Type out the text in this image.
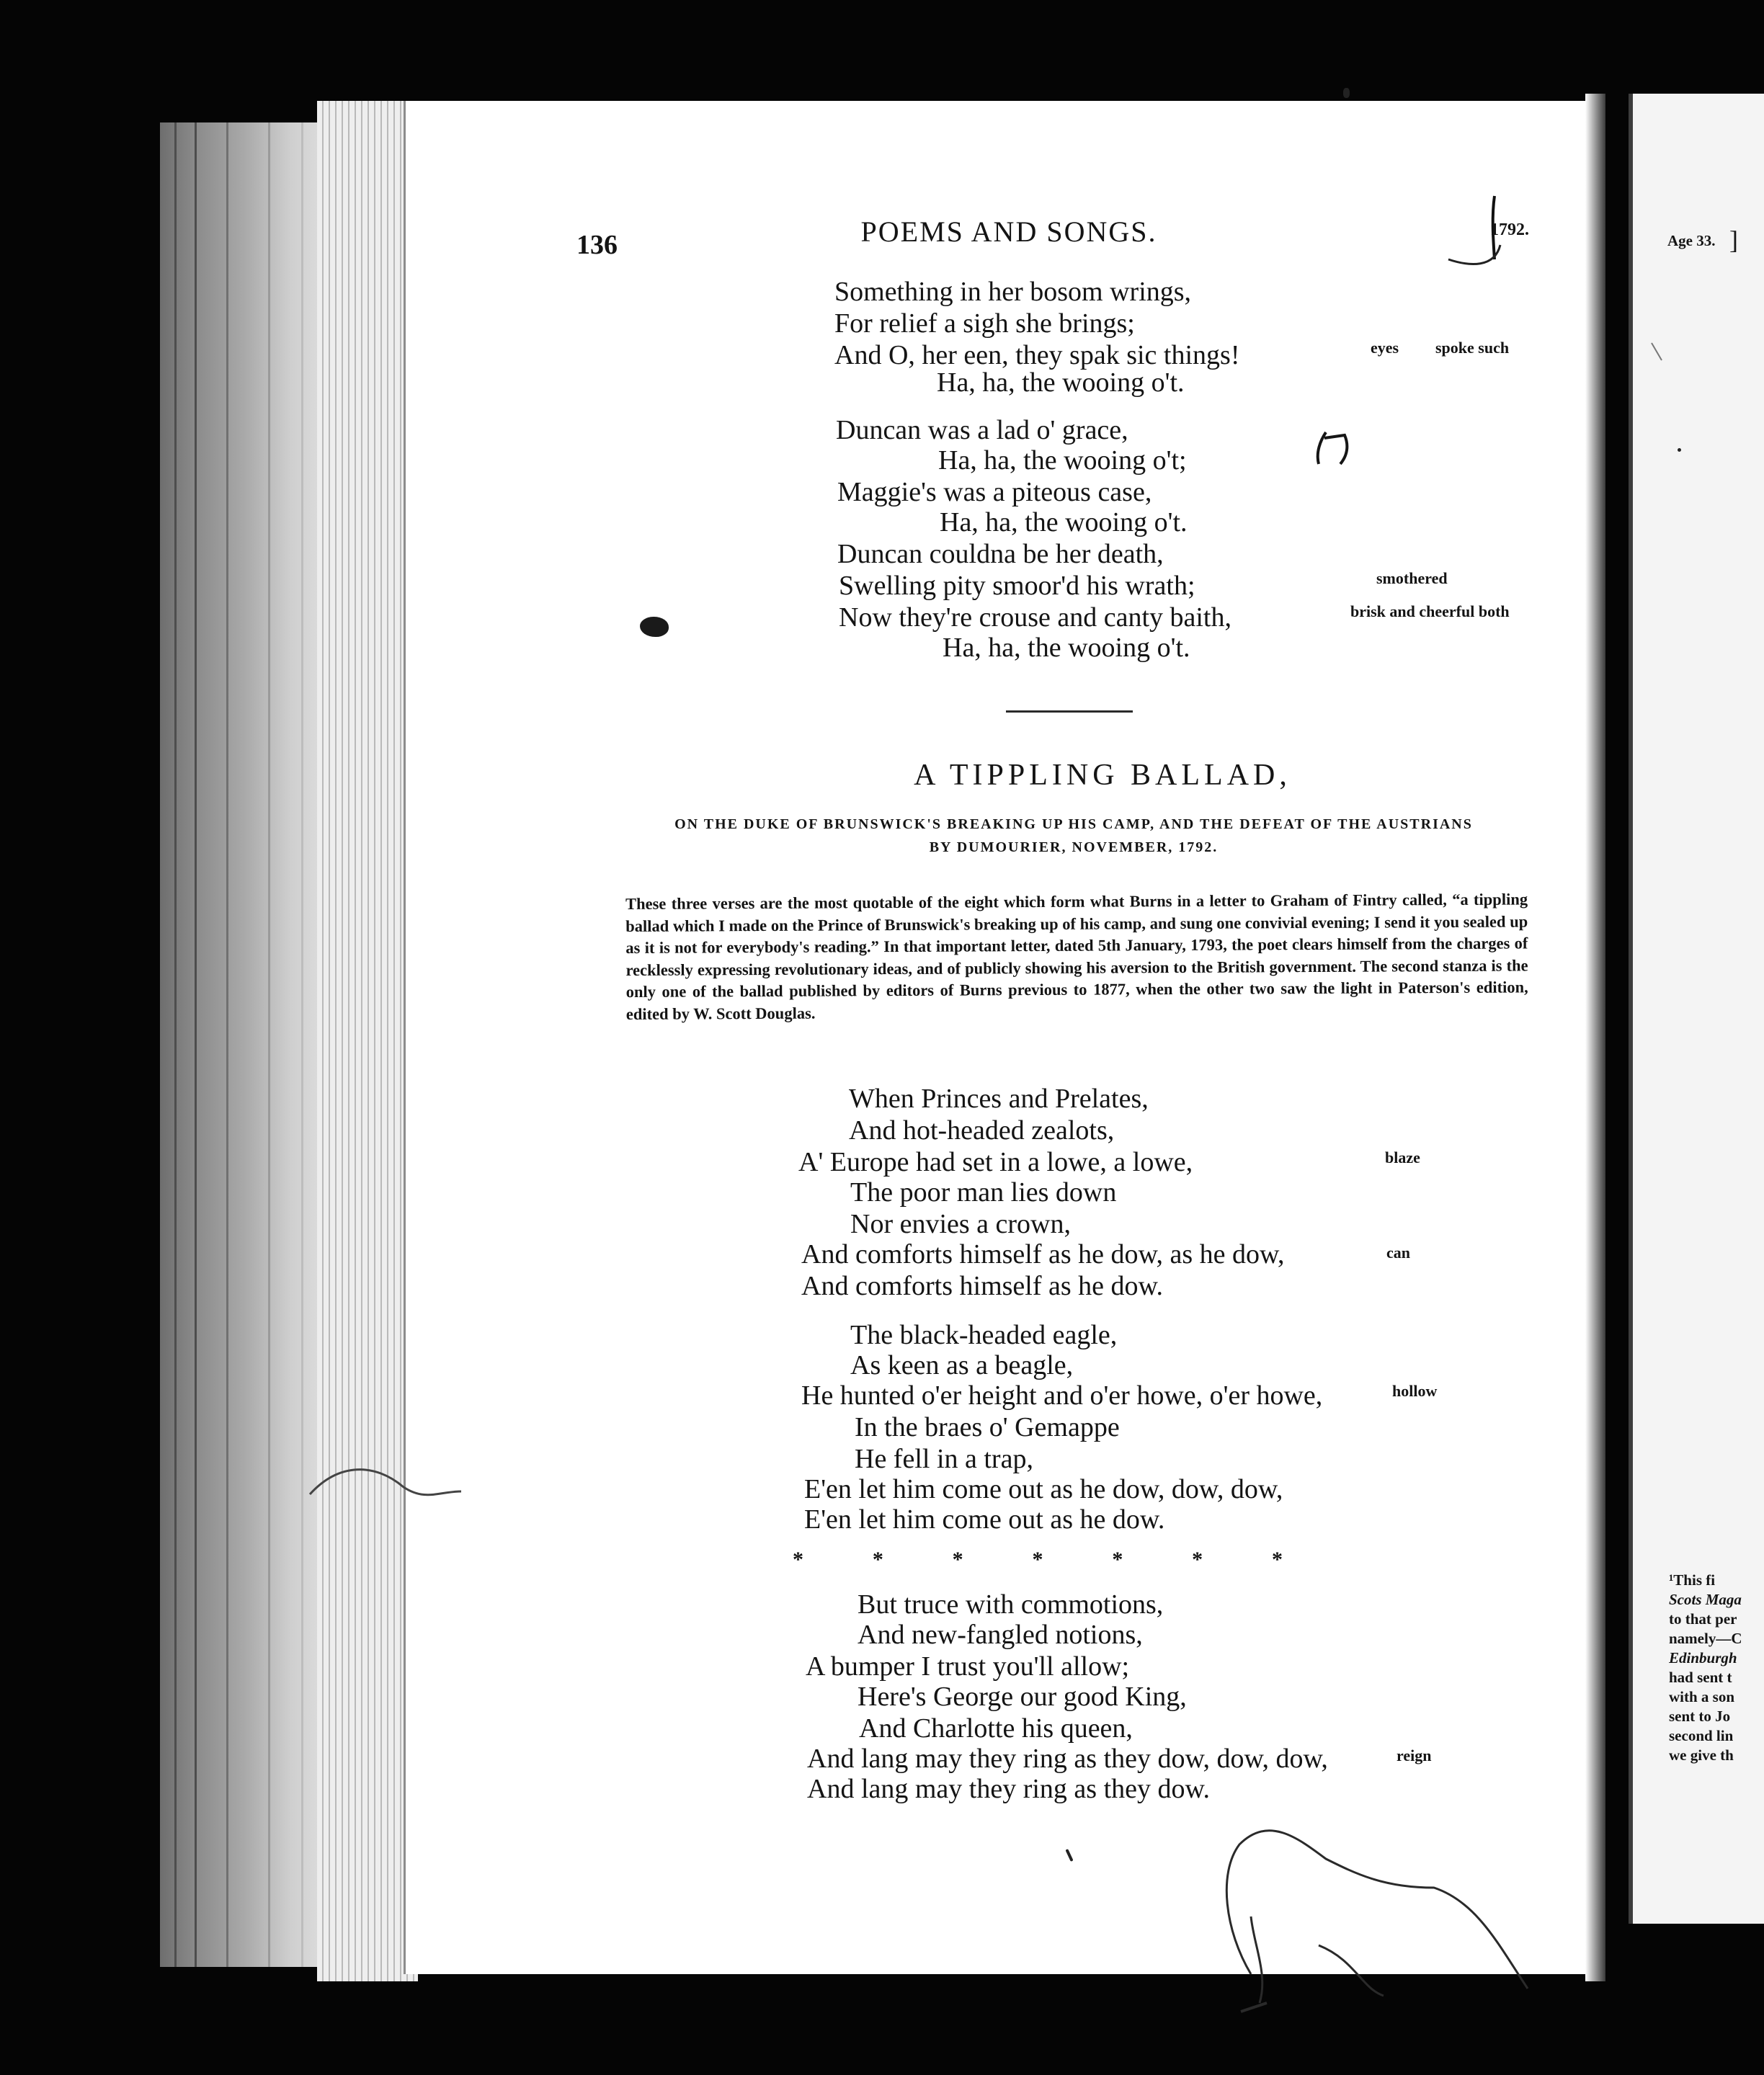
136	POEMS AND SONGS.	1792.
Something in her bosom wrings,
For relief a sigh she brings;
And O, her een, they spak sic things!
Ha, ha, the wooing o't.
eyes spoke such
Duncan was a lad o' grace,
Ha, ha, the wooing o't;
Maggie's was a piteous case,
Ha, ha, the wooing o't.
Duncan couldna be her death,
Swelling pity smoor'd his wrath;
Now they're crouse and canty baith,
Ha, ha, the wooing o't.
smothered
brisk and cheerful both
A TIPPLING BALLAD,
ON THE DUKE OF BRUNSWICK'S BREAKING UP HIS CAMP, AND THE DEFEAT OF THE AUSTRIANS
BY DUMOURIER, NOVEMBER, 1792.
These three verses are the most quotable of the eight which form what Burns in a letter to Graham of Fintry called, “a tippling ballad which I made on the Prince of Brunswick's breaking up of his camp, and sung one convivial evening; I send it you sealed up as it is not for everybody's reading.” In that important letter, dated 5th January, 1793, the poet clears himself from the charges of recklessly expressing revolutionary ideas, and of publicly showing his aversion to the British government. The second stanza is the only one of the ballad published by editors of Burns previous to 1877, when the other two saw the light in Paterson's edition, edited by W. Scott Douglas.
When Princes and Prelates,
And hot-headed zealots,
A' Europe had set in a lowe, a lowe,
The poor man lies down
Nor envies a crown,
And comforts himself as he dow, as he dow,
And comforts himself as he dow.
blaze
can
The black-headed eagle,
As keen as a beagle,
He hunted o'er height and o'er howe, o'er howe,
In the braes o' Gemappe
He fell in a trap,
E'en let him come out as he dow, dow, dow,
E'en let him come out as he dow.
hollow
*	*	*	*	*	*	*
But truce with commotions,
And new-fangled notions,
A bumper I trust you'll allow;
Here's George our good King,
And Charlotte his queen,
And lang may they ring as they dow, dow, dow,
And lang may they ring as they dow.
reign
Age 33. ]
¹This fi
Scots Maga
to that per
namely—C
Edinburgh
had sent t
with a son
sent to Jo
second lin
we give th
